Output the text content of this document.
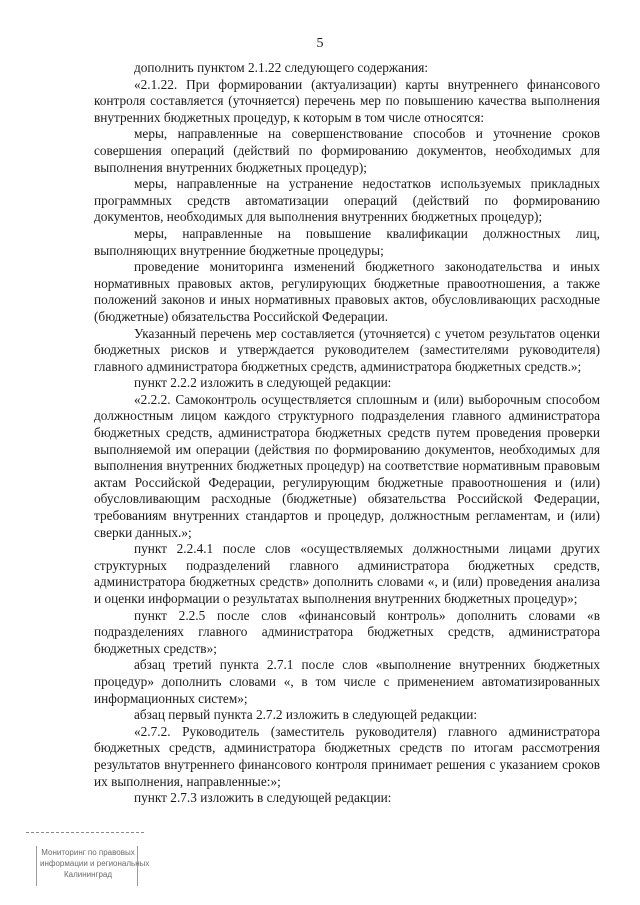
5

дополнить пунктом 2.1.22 следующего содержания:

«2.1.22. При формировании (актуализации) карты внутреннего финансового контроля составляется (уточняется) перечень мер по повышению качества выполнения внутренних бюджетных процедур, к которым в том числе относятся:

меры, направленные на совершенствование способов и уточнение сроков совершения операций (действий по формированию документов, необходимых для выполнения внутренних бюджетных процедур);

меры, направленные на устранение недостатков используемых прикладных программных средств автоматизации операций (действий по формированию документов, необходимых для выполнения внутренних бюджетных процедур);

меры, направленные на повышение квалификации должностных лиц, выполняющих внутренние бюджетные процедуры;

проведение мониторинга изменений бюджетного законодательства и иных нормативных правовых актов, регулирующих бюджетные правоотношения, а также положений законов и иных нормативных правовых актов, обусловливающих расходные (бюджетные) обязательства Российской Федерации.

Указанный перечень мер составляется (уточняется) с учетом результатов оценки бюджетных рисков и утверждается руководителем (заместителями руководителя) главного администратора бюджетных средств, администратора бюджетных средств.»;

пункт 2.2.2 изложить в следующей редакции:

«2.2.2. Самоконтроль осуществляется сплошным и (или) выборочным способом должностным лицом каждого структурного подразделения главного администратора бюджетных средств, администратора бюджетных средств путем проведения проверки выполняемой им операции (действия по формированию документов, необходимых для выполнения внутренних бюджетных процедур) на соответствие нормативным правовым актам Российской Федерации, регулирующим бюджетные правоотношения и (или) обусловливающим расходные (бюджетные) обязательства Российской Федерации, требованиям внутренних стандартов и процедур, должностным регламентам, и (или) сверки данных.»;

пункт 2.2.4.1 после слов «осуществляемых должностными лицами других структурных подразделений главного администратора бюджетных средств, администратора бюджетных средств» дополнить словами «, и (или) проведения анализа и оценки информации о результатах выполнения внутренних бюджетных процедур»;

пункт 2.2.5 после слов «финансовый контроль» дополнить словами «в подразделениях главного администратора бюджетных средств, администратора бюджетных средств»;

абзац третий пункта 2.7.1 после слов «выполнение внутренних бюджетных процедур» дополнить словами «, в том числе с применением автоматизированных информационных систем»;

абзац первый пункта 2.7.2 изложить в следующей редакции:

«2.7.2. Руководитель (заместитель руководителя) главного администратора бюджетных средств, администратора бюджетных средств по итогам рассмотрения результатов внутреннего финансового контроля принимает решения с указанием сроков их выполнения, направленные:»;

пункт 2.7.3 изложить в следующей редакции:

Мониторинг по правовых
информации и региональных
Калининград
